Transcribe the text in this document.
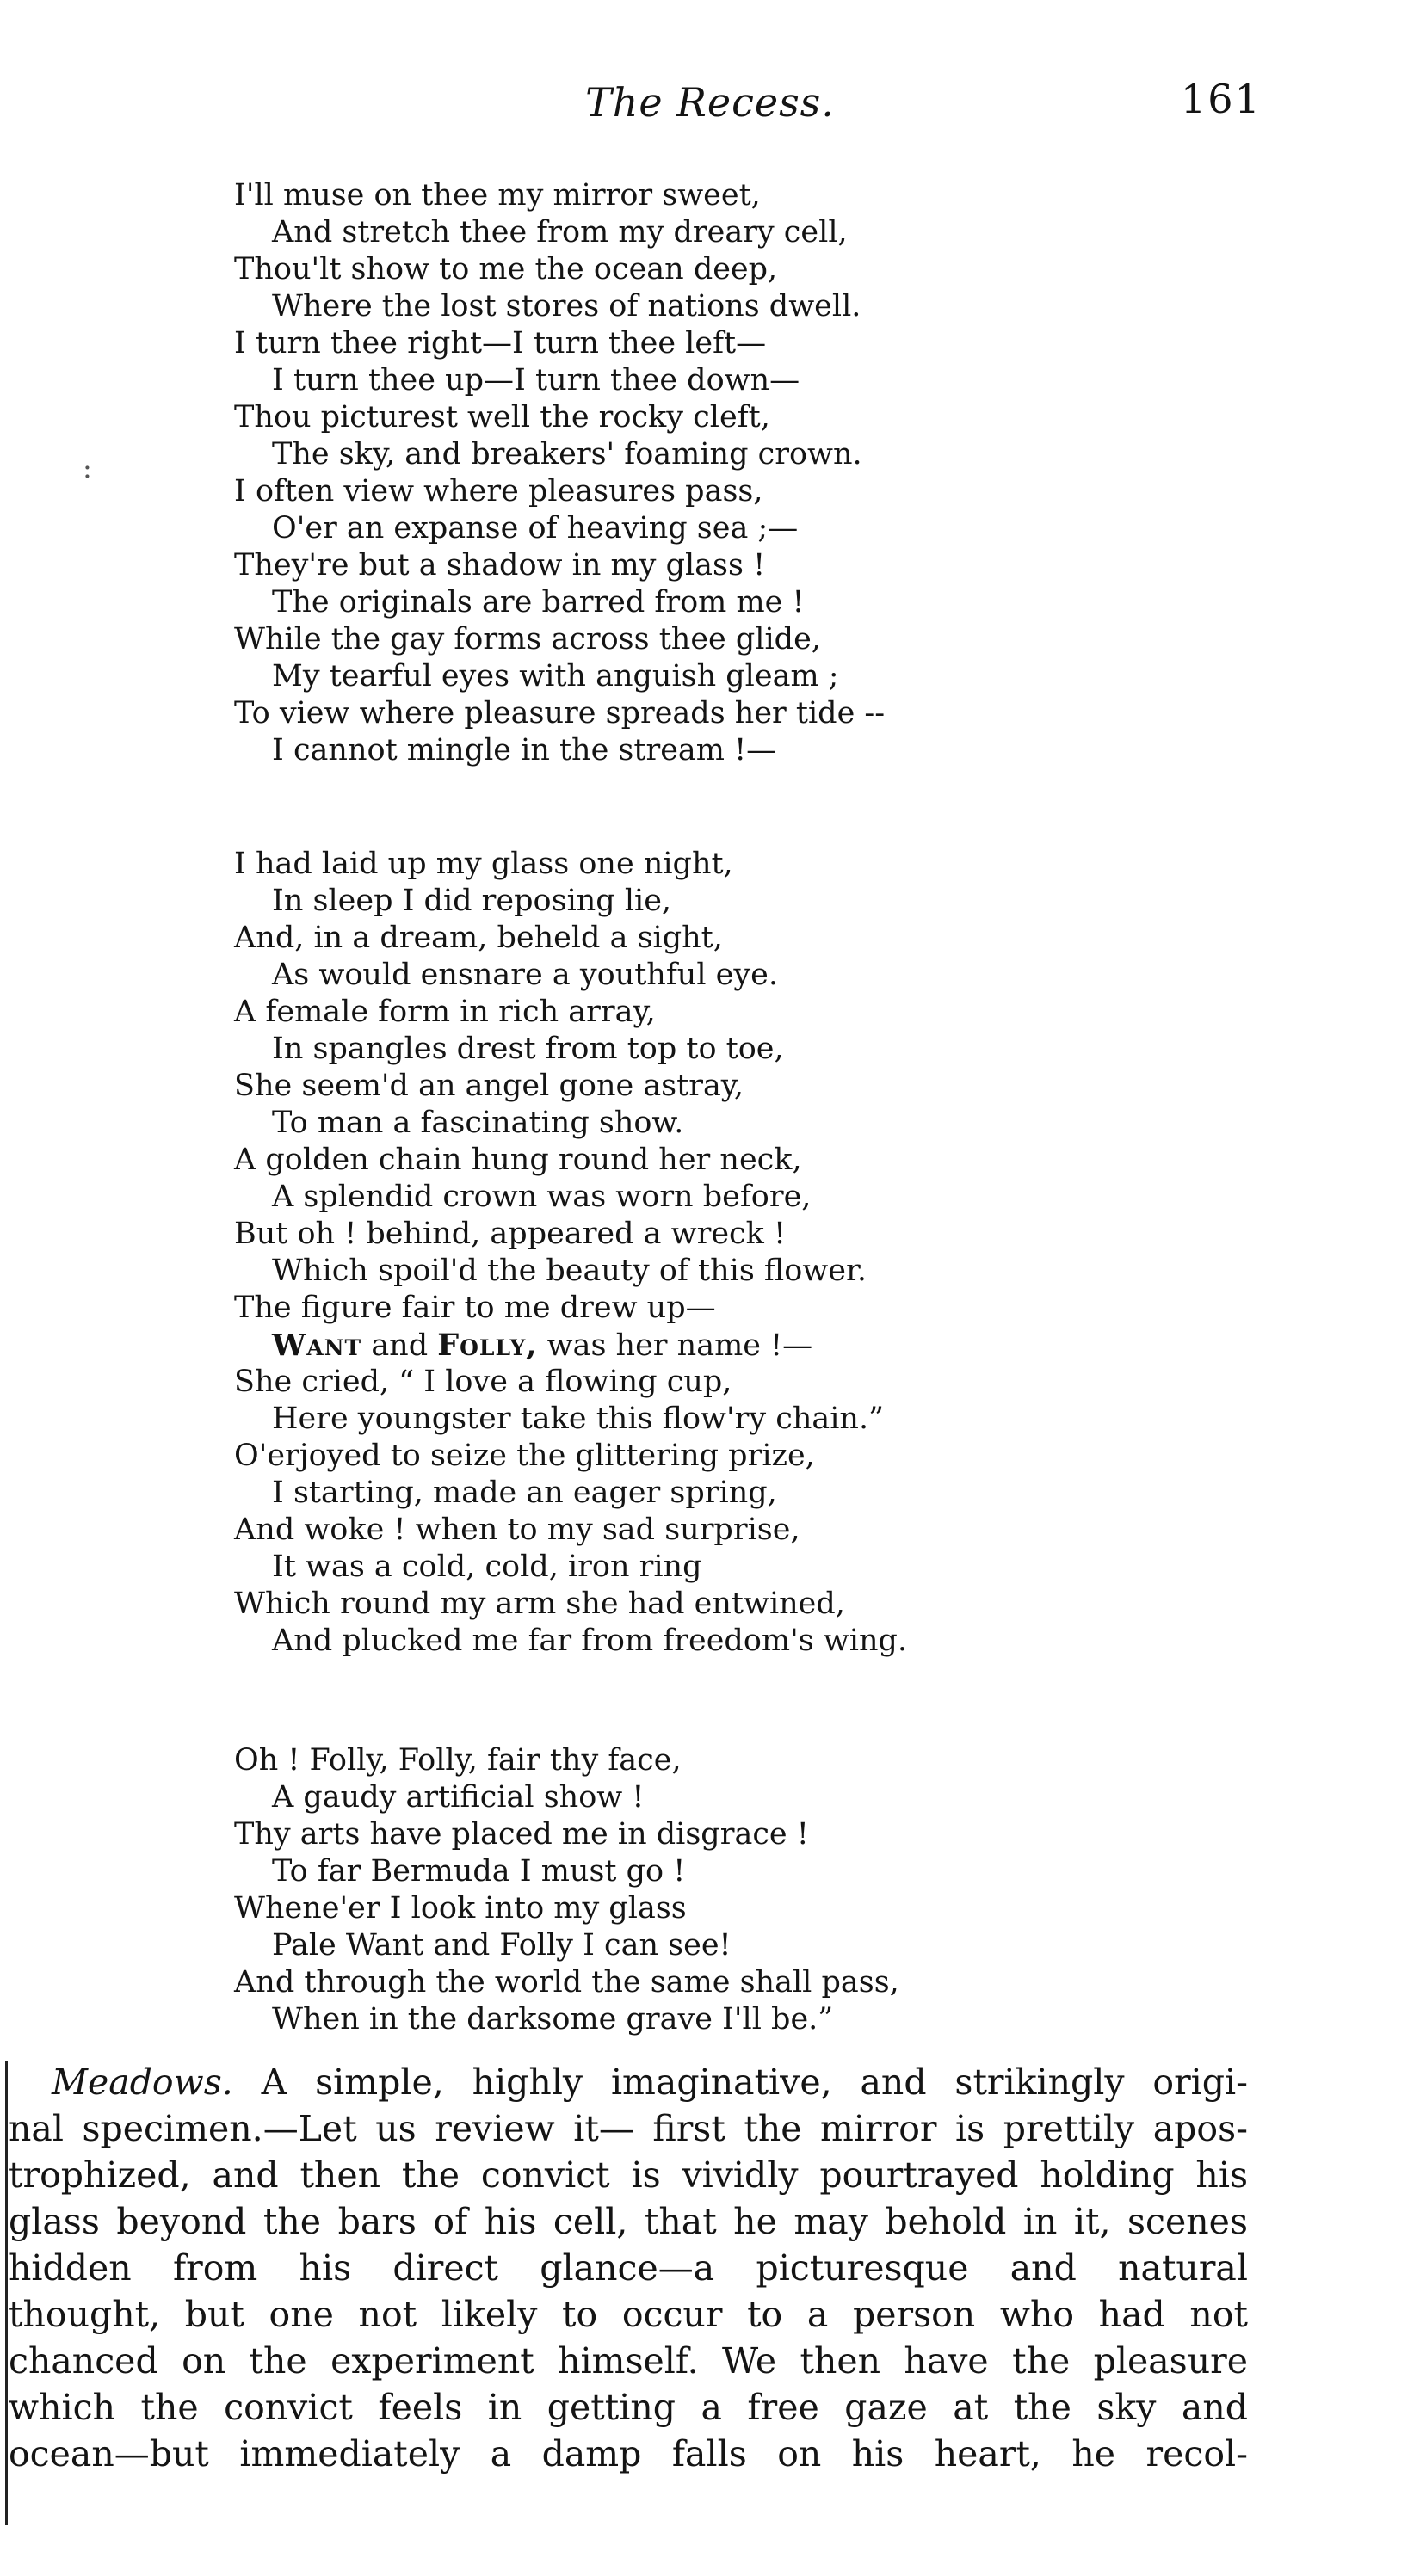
The Recess.	161
:
I'll muse on thee my mirror sweet,
And stretch thee from my dreary cell,
Thou'lt show to me the ocean deep,
Where the lost stores of nations dwell.
I turn thee right—I turn thee left—
I turn thee up—I turn thee down—
Thou picturest well the rocky cleft,
The sky, and breakers' foaming crown.
I often view where pleasures pass,
O'er an expanse of heaving sea ;—
They're but a shadow in my glass !
The originals are barred from me !
While the gay forms across thee glide,
My tearful eyes with anguish gleam ;
To view where pleasure spreads her tide --
I cannot mingle in the stream !—
I had laid up my glass one night,
In sleep I did reposing lie,
And, in a dream, beheld a sight,
As would ensnare a youthful eye.
A female form in rich array,
In spangles drest from top to toe,
She seem'd an angel gone astray,
To man a fascinating show.
A golden chain hung round her neck,
A splendid crown was worn before,
But oh ! behind, appeared a wreck !
Which spoil'd the beauty of this flower.
The figure fair to me drew up—
Want and Folly, was her name !—
She cried, “ I love a flowing cup,
Here youngster take this flow'ry chain.”
O'erjoyed to seize the glittering prize,
I starting, made an eager spring,
And woke ! when to my sad surprise,
It was a cold, cold, iron ring
Which round my arm she had entwined,
And plucked me far from freedom's wing.
Oh ! Folly, Folly, fair thy face,
A gaudy artificial show !
Thy arts have placed me in disgrace !
To far Bermuda I must go !
Whene'er I look into my glass
Pale Want and Folly I can see!
And through the world the same shall pass,
When in the darksome grave I'll be.”
Meadows. A simple, highly imaginative, and strikingly origi-
nal specimen.—Let us review it— first the mirror is prettily apos-
trophized, and then the convict is vividly pourtrayed holding his
glass beyond the bars of his cell, that he may behold in it, scenes
hidden from his direct glance—a picturesque and natural
thought, but one not likely to occur to a person who had not
chanced on the experiment himself. We then have the pleasure
which the convict feels in getting a free gaze at the sky and
ocean—but immediately a damp falls on his heart, he recol-
